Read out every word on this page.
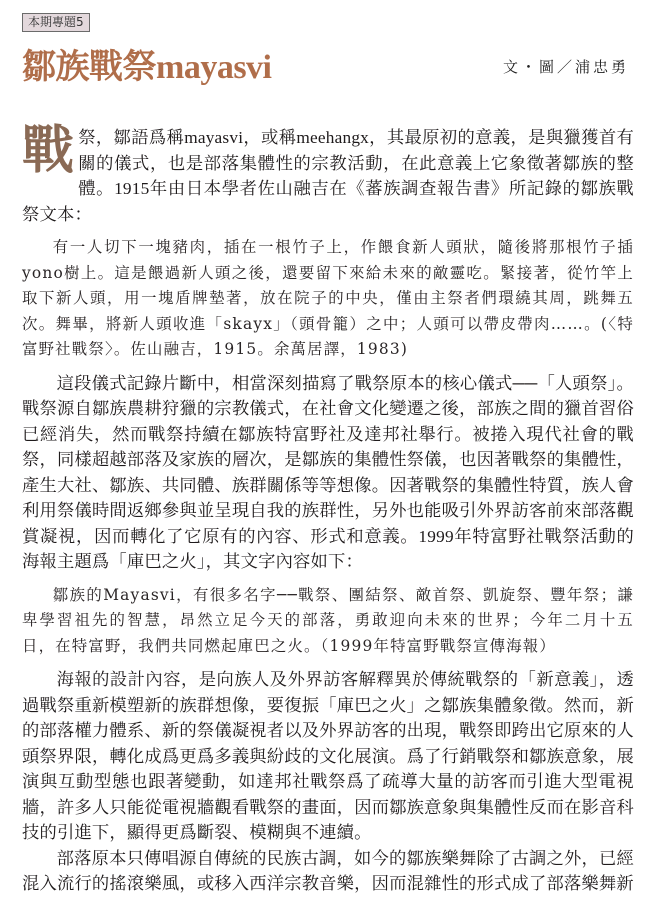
本期專題5
鄒族戰祭mayasvi	文・圖／浦忠勇

戰祭，鄒語爲稱mayasvi，或稱meehangx，其最原初的意義，是與獵獲首有關的儀式，也是部落集體性的宗教活動，在此意義上它象徵著鄒族的整體。1915年由日本學者佐山融吉在《蕃族調查報告書》所記錄的鄒族戰祭文本：

有一人切下一塊豬肉，插在一根竹子上，作餵食新人頭狀，隨後將那根竹子插yono樹上。這是餵過新人頭之後，還要留下來給未來的敵靈吃。緊接著，從竹竿上取下新人頭，用一塊盾牌墊著，放在院子的中央，僅由主祭者們環繞其周，跳舞五次。舞畢，將新人頭收進「skayx」（頭骨籠）之中；人頭可以帶皮帶肉……。(〈特富野社戰祭〉。佐山融吉，1915。余萬居譯，1983)

這段儀式記錄片斷中，相當深刻描寫了戰祭原本的核心儀式──「人頭祭」。戰祭源自鄒族農耕狩獵的宗教儀式，在社會文化變遷之後，部族之間的獵首習俗已經消失，然而戰祭持續在鄒族特富野社及達邦社舉行。被捲入現代社會的戰祭，同樣超越部落及家族的層次，是鄒族的集體性祭儀，也因著戰祭的集體性，產生大社、鄒族、共同體、族群關係等等想像。因著戰祭的集體性特質，族人會利用祭儀時間返鄉參與並呈現自我的族群性，另外也能吸引外界訪客前來部落觀賞凝視，因而轉化了它原有的內容、形式和意義。1999年特富野社戰祭活動的海報主題爲「庫巴之火」，其文字內容如下：

鄒族的Mayasvi，有很多名字──戰祭、團結祭、敵首祭、凱旋祭、豐年祭；謙卑學習祖先的智慧，昂然立足今天的部落，勇敢迎向未來的世界；今年二月十五日，在特富野，我們共同燃起庫巴之火。（1999年特富野戰祭宣傳海報）

海報的設計內容，是向族人及外界訪客解釋異於傳統戰祭的「新意義」，透過戰祭重新模塑新的族群想像，要復振「庫巴之火」之鄒族集體象徵。然而，新的部落權力體系、新的祭儀凝視者以及外界訪客的出現，戰祭即跨出它原來的人頭祭界限，轉化成爲更爲多義與紛歧的文化展演。爲了行銷戰祭和鄒族意象，展演與互動型態也跟著變動，如達邦社戰祭爲了疏導大量的訪客而引進大型電視牆，許多人只能從電視牆觀看戰祭的畫面，因而鄒族意象與集體性反而在影音科技的引進下，顯得更爲斷裂、模糊與不連續。

部落原本只傳唱源自傳統的民族古調，如今的鄒族樂舞除了古調之外，已經混入流行的搖滾樂風，或移入西洋宗教音樂，因而混雜性的形式成了部落樂舞新
